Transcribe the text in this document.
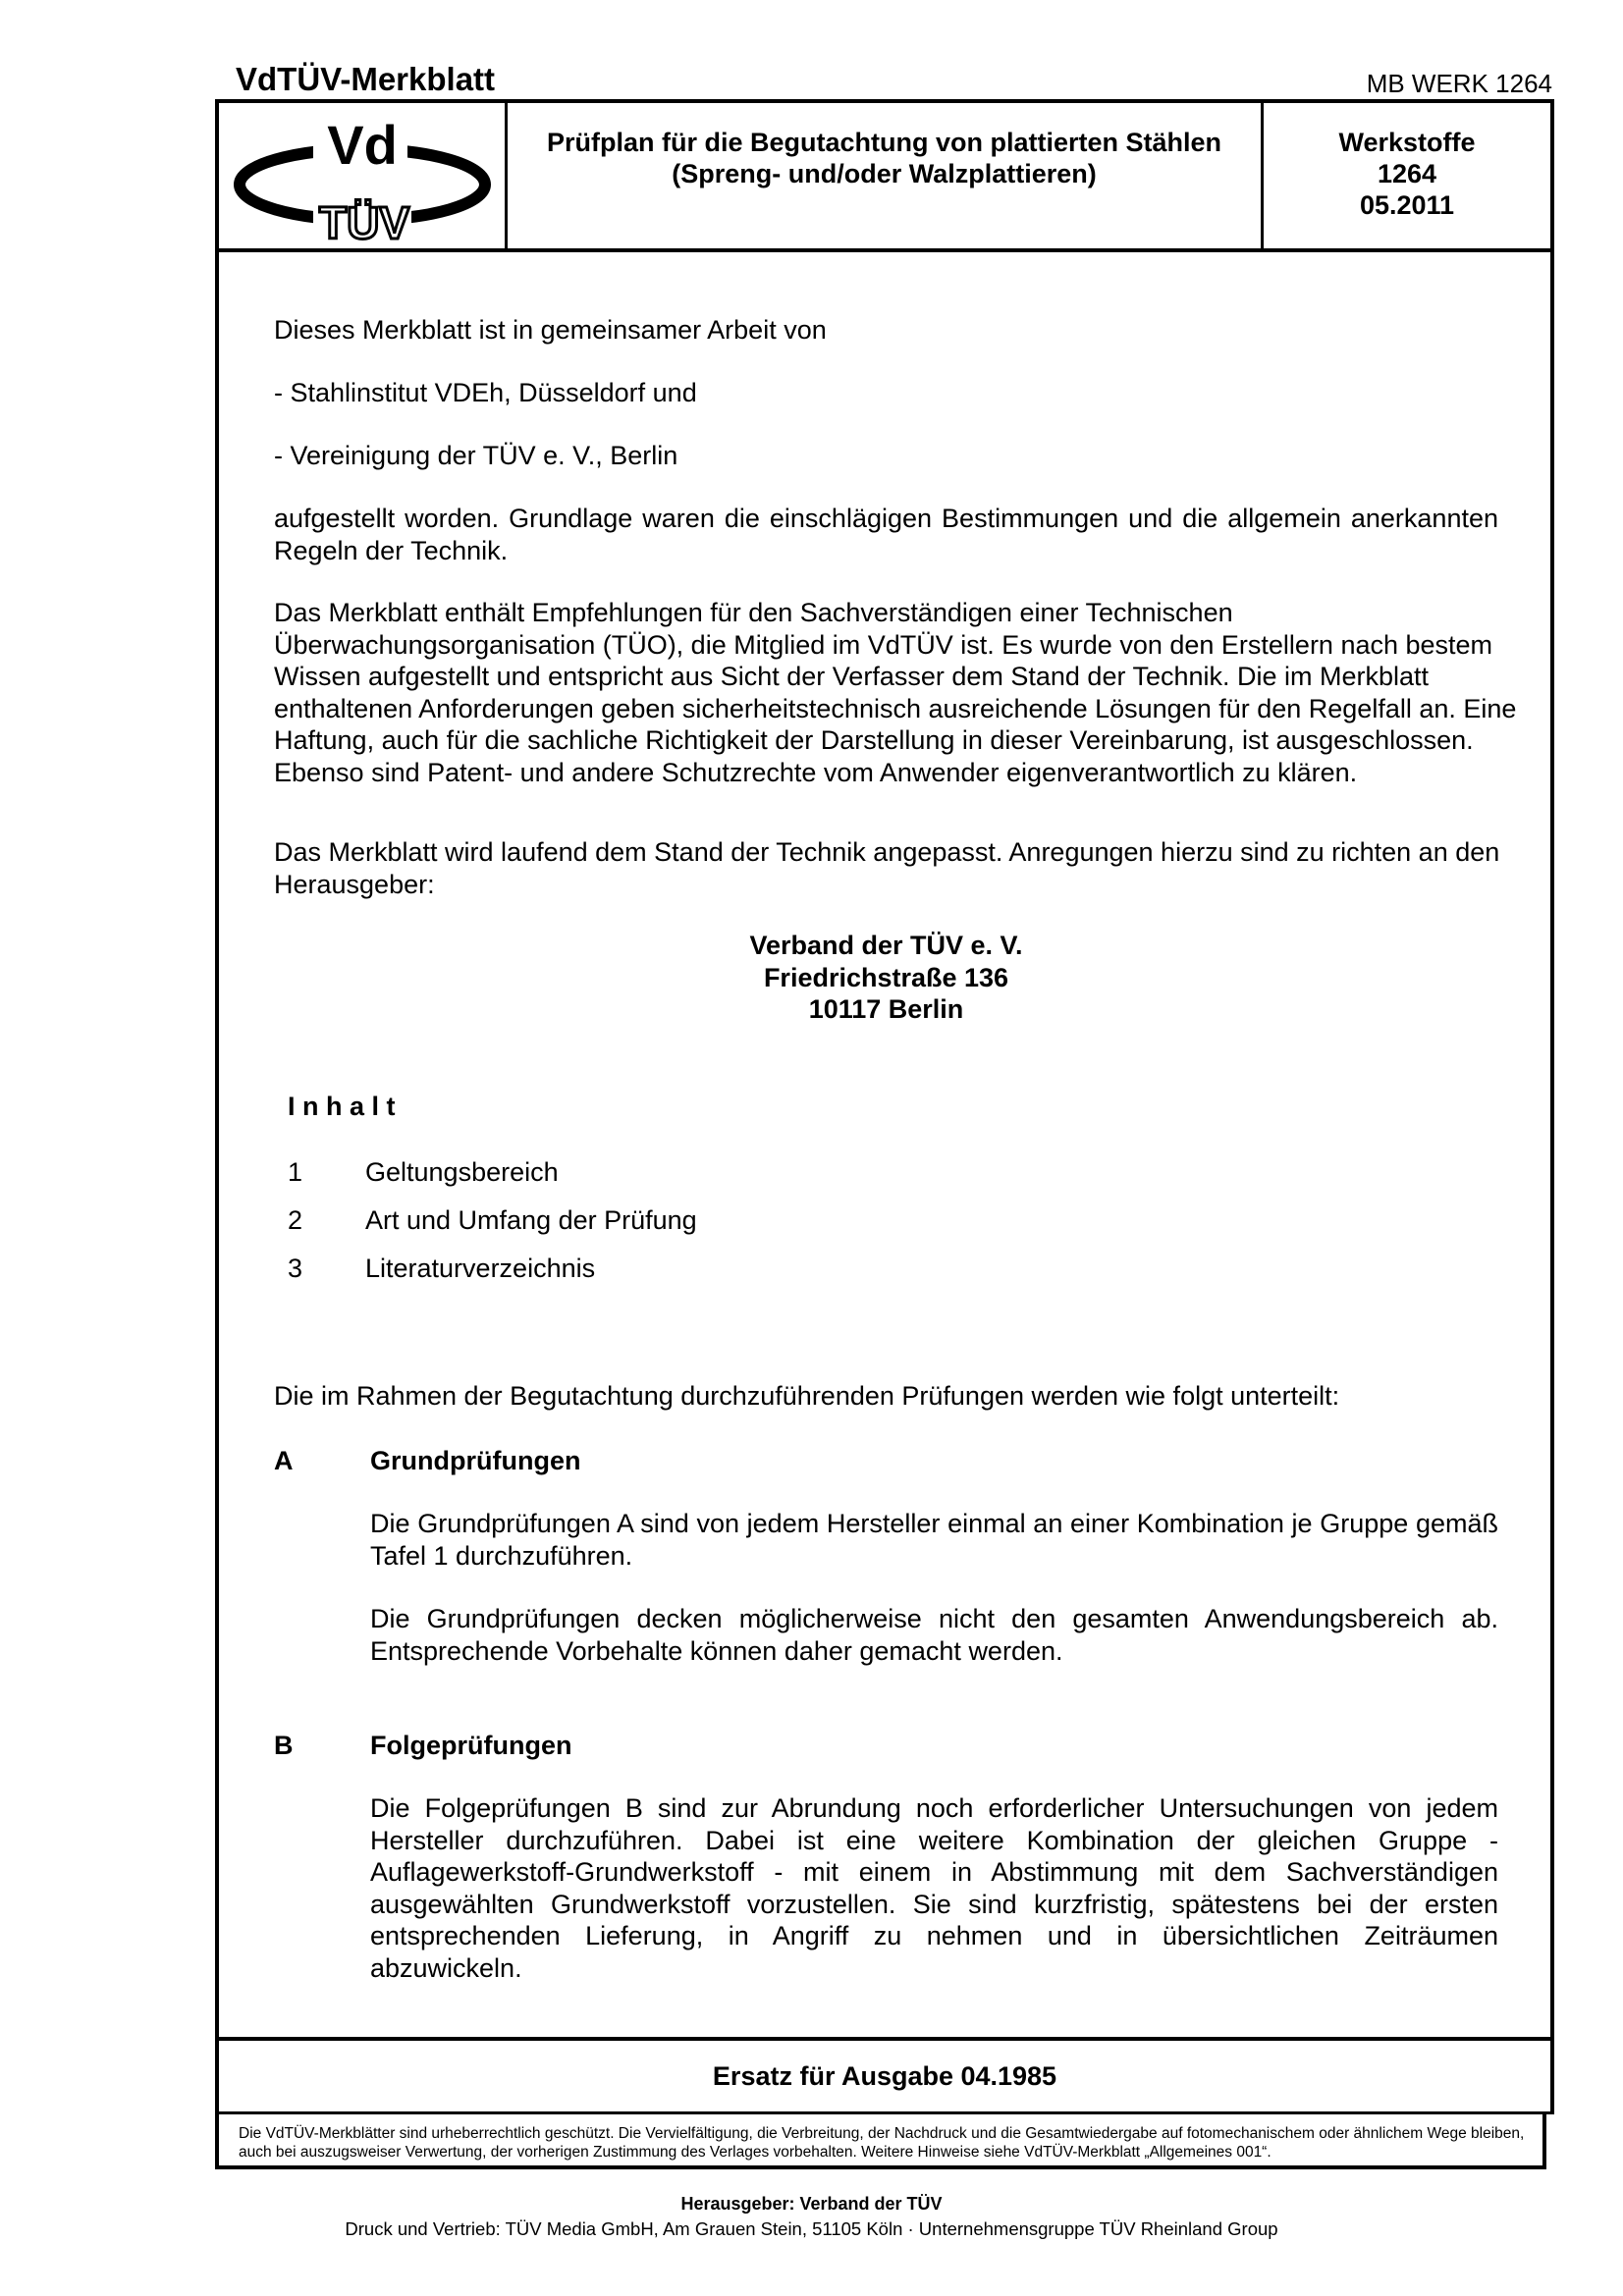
VdTÜV-Merkblatt	MB WERK 1264
Vd
TÜV
Prüfplan für die Begutachtung von plattierten Stählen
(Spreng- und/oder Walzplattieren)
Werkstoffe
1264
05.2011
Dieses Merkblatt ist in gemeinsamer Arbeit von
- Stahlinstitut VDEh, Düsseldorf und
- Vereinigung der TÜV e. V., Berlin
aufgestellt worden. Grundlage waren die einschlägigen Bestimmungen und die allgemein anerkannten Regeln der Technik.
Das Merkblatt enthält Empfehlungen für den Sachverständigen einer Technischen Überwachungsorganisation (TÜO), die Mitglied im VdTÜV ist. Es wurde von den Erstellern nach bestem Wissen aufgestellt und entspricht aus Sicht der Verfasser dem Stand der Technik. Die im Merkblatt enthaltenen Anforderungen geben sicherheitstechnisch ausreichende Lösungen für den Regelfall an. Eine Haftung, auch für die sachliche Richtigkeit der Darstellung in dieser Vereinbarung, ist ausgeschlossen. Ebenso sind Patent- und andere Schutzrechte vom Anwender eigenverantwortlich zu klären.
Das Merkblatt wird laufend dem Stand der Technik angepasst. Anregungen hierzu sind zu richten an den Herausgeber:
Verband der TÜV e. V.
Friedrichstraße 136
10117 Berlin
I n h a l t
1 Geltungsbereich
2 Art und Umfang der Prüfung
3 Literaturverzeichnis
Die im Rahmen der Begutachtung durchzuführenden Prüfungen werden wie folgt unterteilt:
A	Grundprüfungen
Die Grundprüfungen A sind von jedem Hersteller einmal an einer Kombination je Gruppe gemäß Tafel 1 durchzuführen.
Die Grundprüfungen decken möglicherweise nicht den gesamten Anwendungsbereich ab. Entsprechende Vorbehalte können daher gemacht werden.
B	Folgeprüfungen
Die Folgeprüfungen B sind zur Abrundung noch erforderlicher Untersuchungen von jedem Hersteller durchzuführen. Dabei ist eine weitere Kombination der gleichen Gruppe - Auflagewerkstoff-Grundwerkstoff - mit einem in Abstimmung mit dem Sachverständigen ausgewählten Grundwerkstoff vorzustellen. Sie sind kurzfristig, spätestens bei der ersten entsprechenden Lieferung, in Angriff zu nehmen und in übersichtlichen Zeiträumen abzuwickeln.
Ersatz für Ausgabe 04.1985
Die VdTÜV-Merkblätter sind urheberrechtlich geschützt. Die Vervielfältigung, die Verbreitung, der Nachdruck und die Gesamtwiedergabe auf fotomechanischem oder ähnlichem Wege bleiben, auch bei auszugsweiser Verwertung, der vorherigen Zustimmung des Verlages vorbehalten. Weitere Hinweise siehe VdTÜV-Merkblatt „Allgemeines 001“.
Herausgeber: Verband der TÜV
Druck und Vertrieb: TÜV Media GmbH, Am Grauen Stein, 51105 Köln · Unternehmensgruppe TÜV Rheinland Group
